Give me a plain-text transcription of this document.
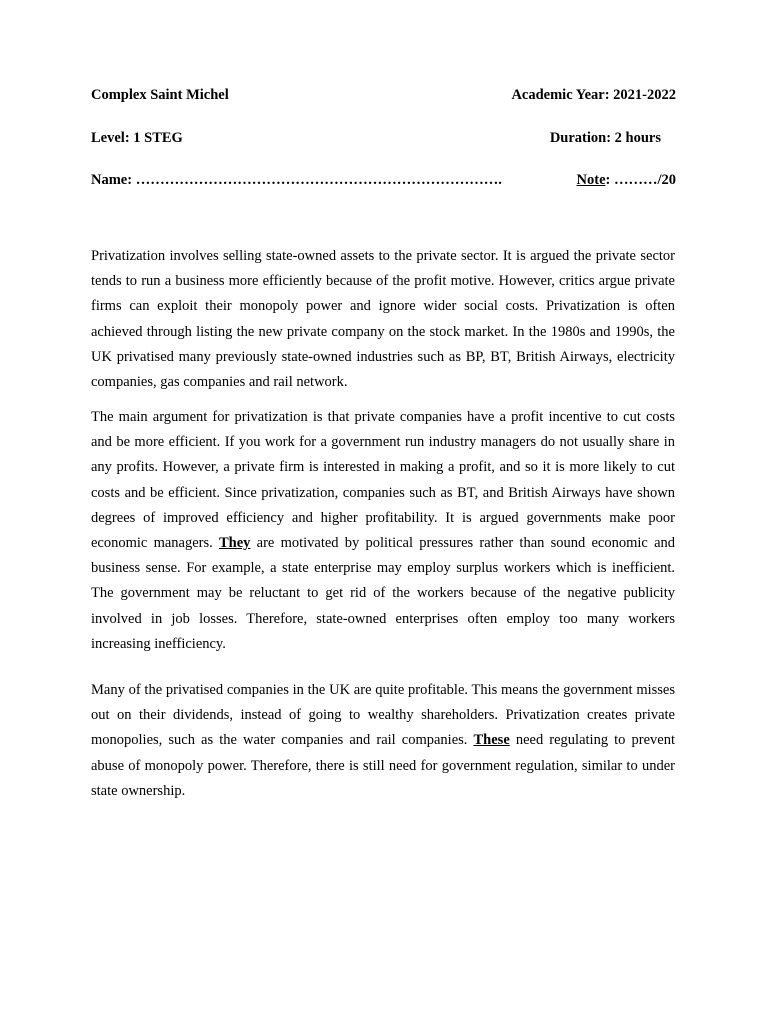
Complex Saint Michel	Academic Year: 2021-2022
Level: 1 STEG	Duration: 2 hours
Name: ………………………………………………………………….	Note: ………/20

Privatization involves selling state-owned assets to the private sector. It is argued the private sector tends to run a business more efficiently because of the profit motive. However, critics argue private firms can exploit their monopoly power and ignore wider social costs. Privatization is often achieved through listing the new private company on the stock market. In the 1980s and 1990s, the UK privatised many previously state-owned industries such as BP, BT, British Airways, electricity companies, gas companies and rail network.

The main argument for privatization is that private companies have a profit incentive to cut costs and be more efficient. If you work for a government run industry managers do not usually share in any profits. However, a private firm is interested in making a profit, and so it is more likely to cut costs and be efficient. Since privatization, companies such as BT, and British Airways have shown degrees of improved efficiency and higher profitability. It is argued governments make poor economic managers. They are motivated by political pressures rather than sound economic and business sense. For example, a state enterprise may employ surplus workers which is inefficient. The government may be reluctant to get rid of the workers because of the negative publicity involved in job losses. Therefore, state-owned enterprises often employ too many workers increasing inefficiency.

Many of the privatised companies in the UK are quite profitable. This means the government misses out on their dividends, instead of going to wealthy shareholders. Privatization creates private monopolies, such as the water companies and rail companies. These need regulating to prevent abuse of monopoly power. Therefore, there is still need for government regulation, similar to under state ownership.
